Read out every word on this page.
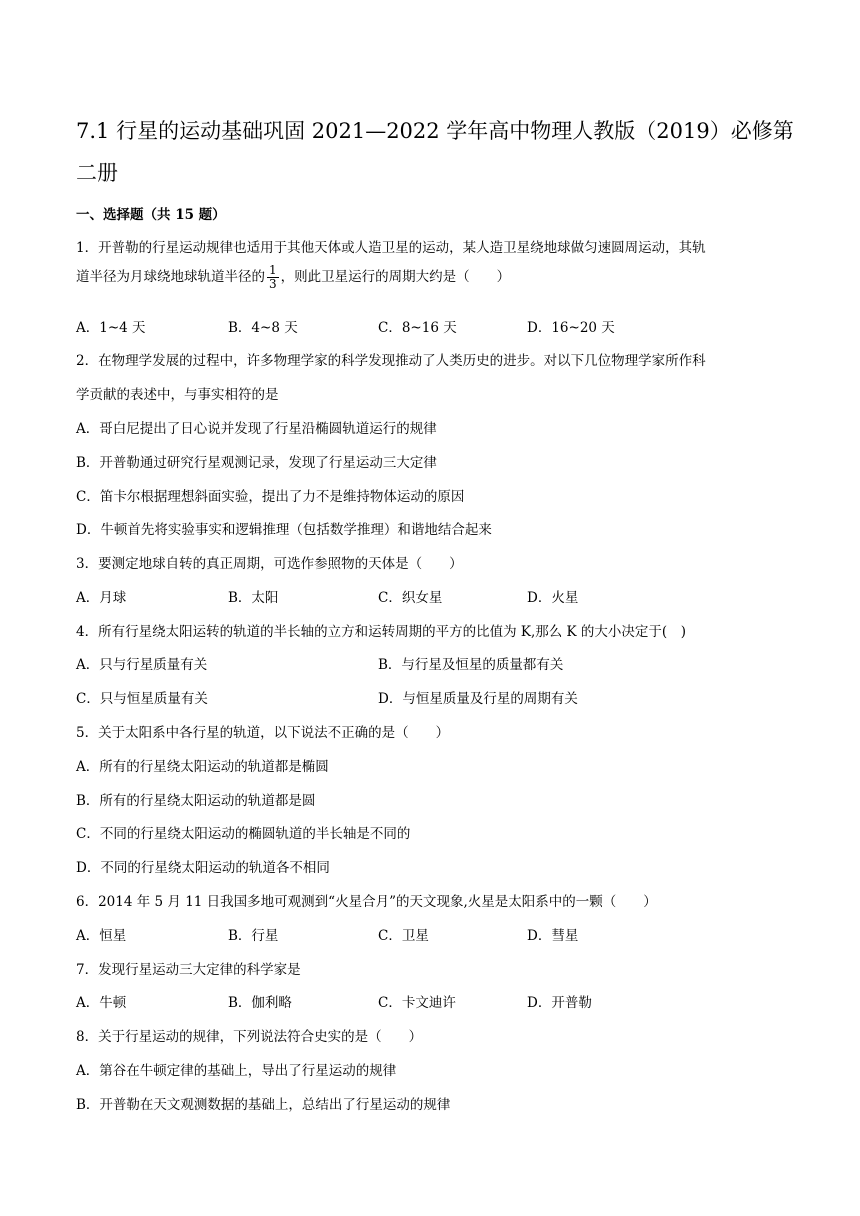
7.1 行星的运动基础巩固 2021—2022 学年高中物理人教版（2019）必修第二册
一、选择题（共 15 题）
1．开普勒的行星运动规律也适用于其他天体或人造卫星的运动，某人造卫星绕地球做匀速圆周运动，其轨
道半径为月球绕地球轨道半径的 $\frac{1}{3}$ ，则此卫星运行的周期大约是（　　）
A．1~4 天	B．4~8 天	C．8~16 天	D．16~20 天
2．在物理学发展的过程中，许多物理学家的科学发现推动了人类历史的进步。对以下几位物理学家所作科
学贡献的表述中，与事实相符的是
A．哥白尼提出了日心说并发现了行星沿椭圆轨道运行的规律
B．开普勒通过研究行星观测记录，发现了行星运动三大定律
C．笛卡尔根据理想斜面实验，提出了力不是维持物体运动的原因
D．牛顿首先将实验事实和逻辑推理（包括数学推理）和谐地结合起来
3．要测定地球自转的真正周期，可选作参照物的天体是（　　）
A．月球	B．太阳	C．织女星	D．火星
4．所有行星绕太阳运转的轨道的半长轴的立方和运转周期的平方的比值为 K,那么 K 的大小决定于(　)
A．只与行星质量有关	B．与行星及恒星的质量都有关
C．只与恒星质量有关	D．与恒星质量及行星的周期有关
5．关于太阳系中各行星的轨道，以下说法不正确的是（　　）
A．所有的行星绕太阳运动的轨道都是椭圆
B．所有的行星绕太阳运动的轨道都是圆
C．不同的行星绕太阳运动的椭圆轨道的半长轴是不同的
D．不同的行星绕太阳运动的轨道各不相同
6．2014 年 5 月 11 日我国多地可观测到“火星合月”的天文现象,火星是太阳系中的一颗（　　）
A．恒星	B．行星	C．卫星	D．彗星
7．发现行星运动三大定律的科学家是
A．牛顿	B．伽利略	C．卡文迪许	D．开普勒
8．关于行星运动的规律，下列说法符合史实的是（　　）
A．第谷在牛顿定律的基础上，导出了行星运动的规律
B．开普勒在天文观测数据的基础上，总结出了行星运动的规律
